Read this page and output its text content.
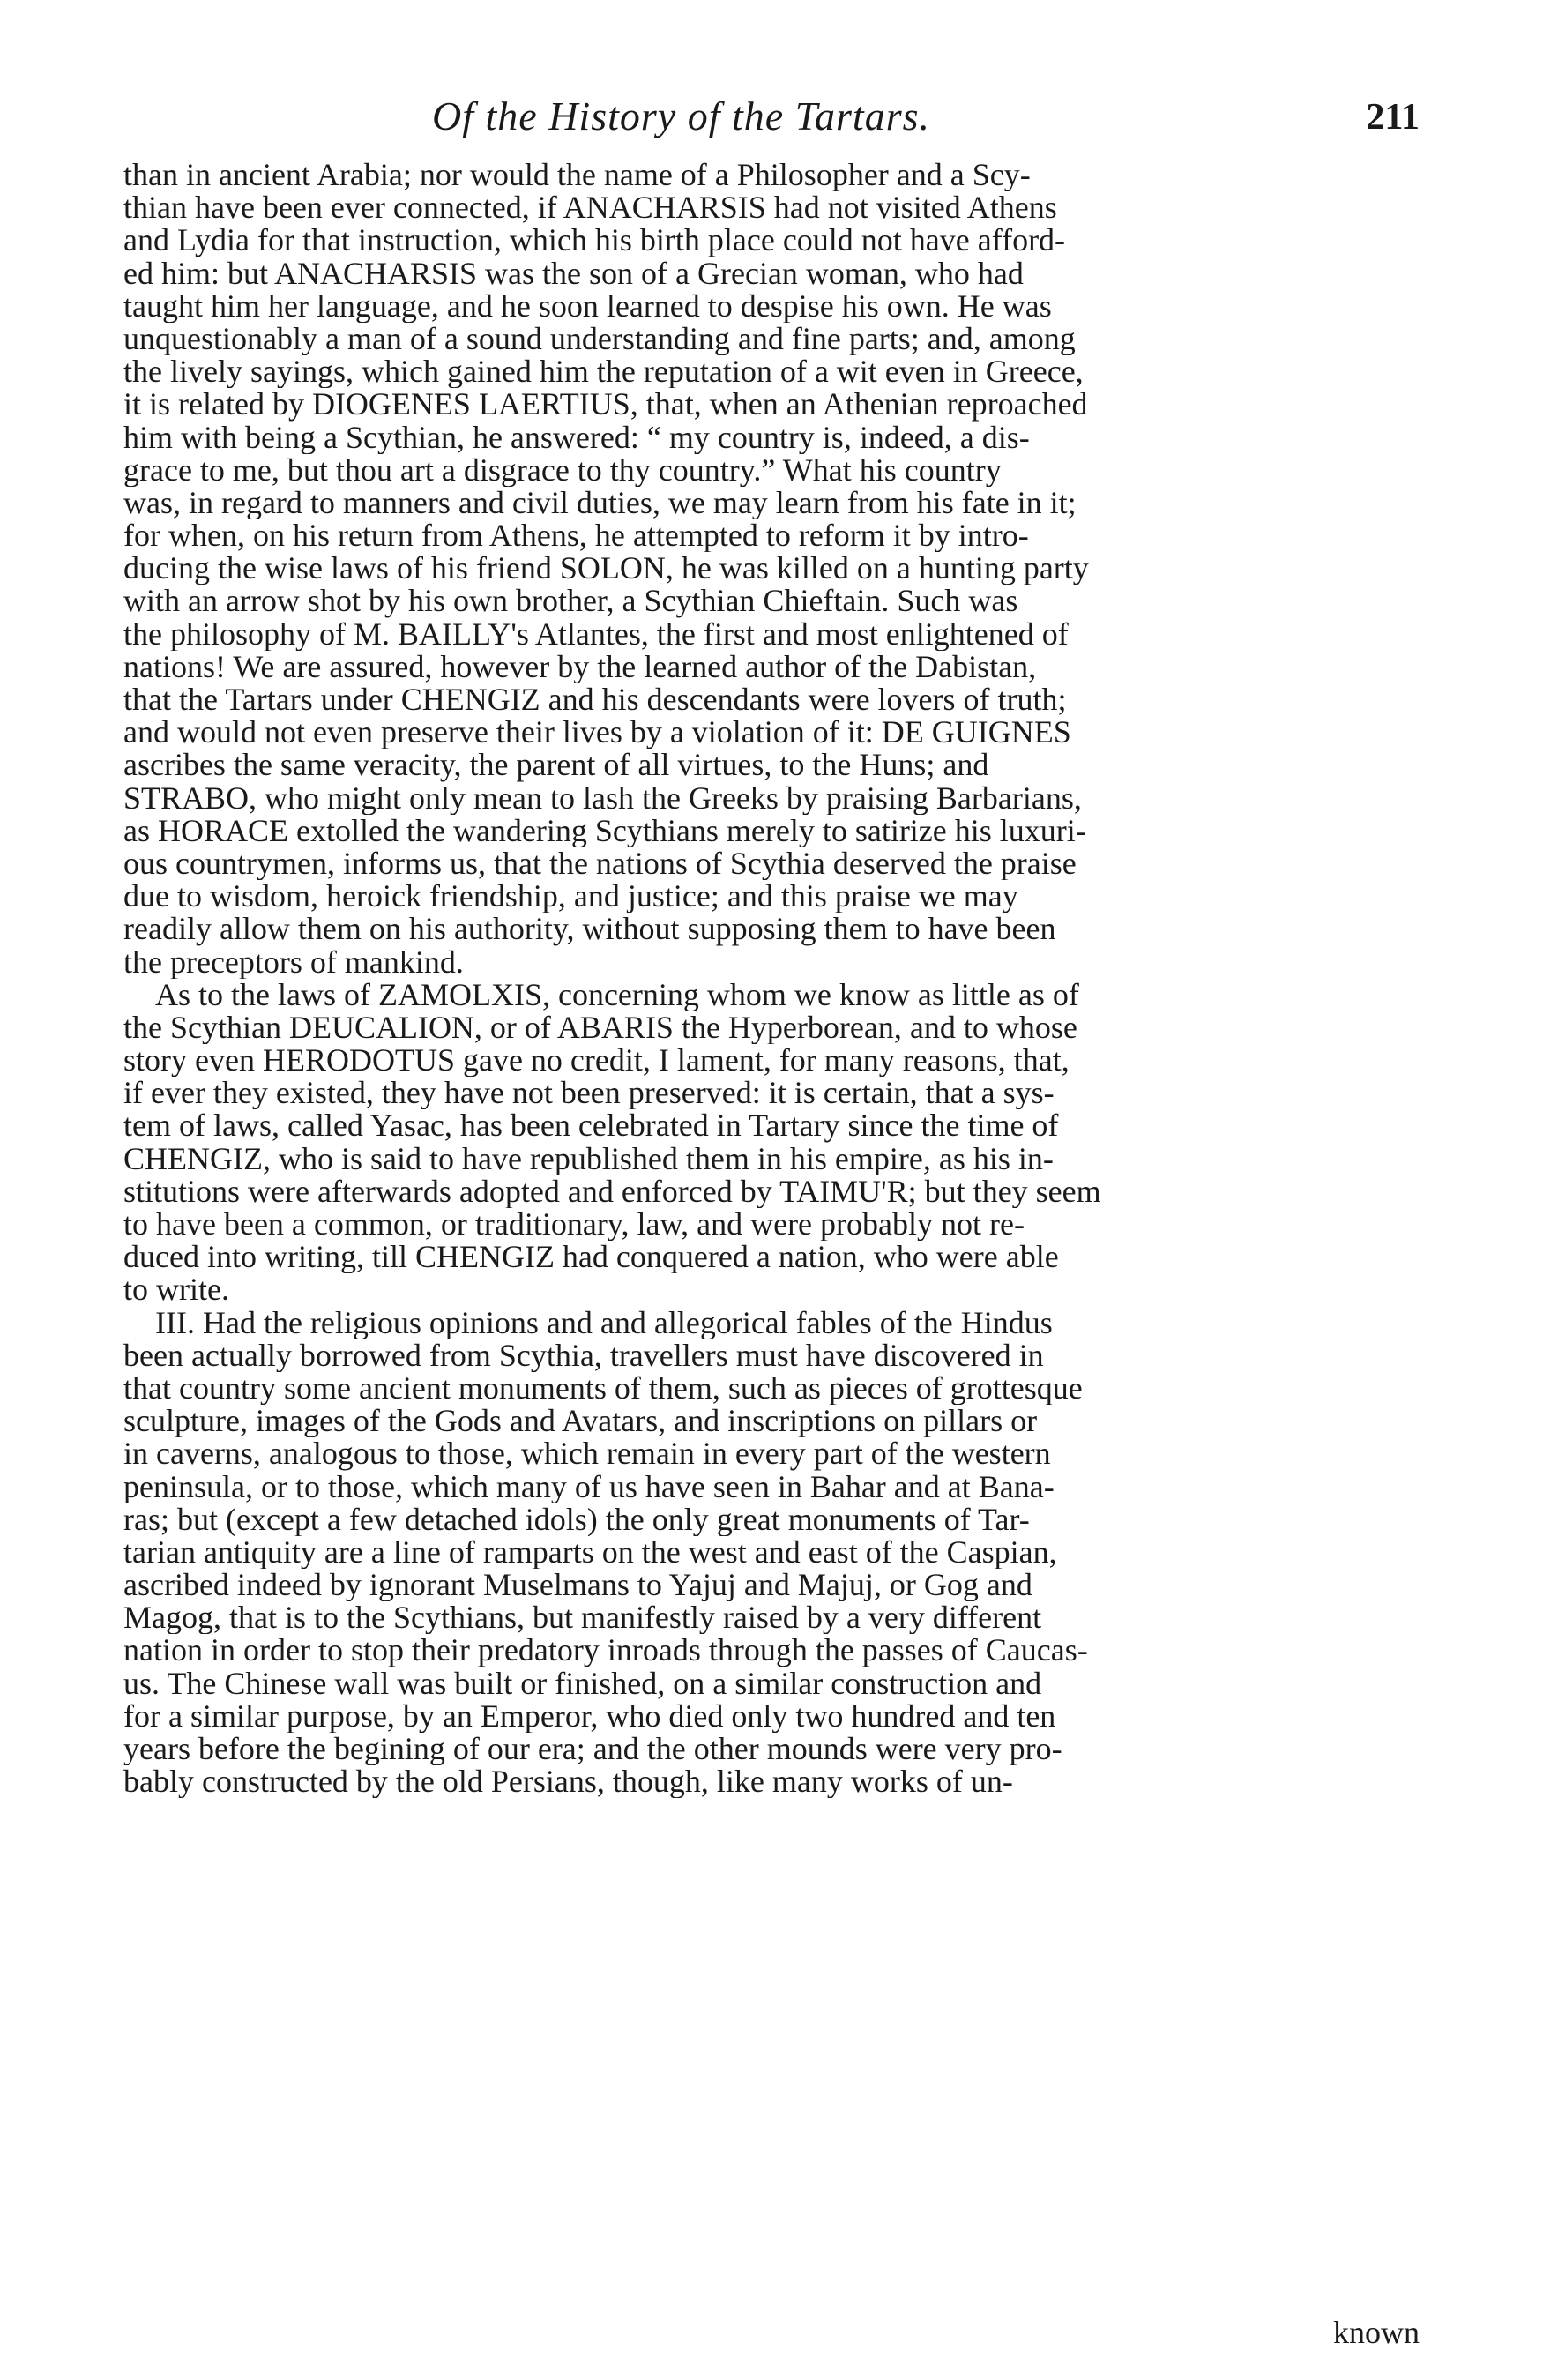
Of the History of the Tartars.	211
than in ancient Arabia; nor would the name of a Philosopher and a Scy-
thian have been ever connected, if ANACHARSIS had not visited Athens
and Lydia for that instruction, which his birth place could not have afford-
ed him: but ANACHARSIS was the son of a Grecian woman, who had
taught him her language, and he soon learned to despise his own. He was
unquestionably a man of a sound understanding and fine parts; and, among
the lively sayings, which gained him the reputation of a wit even in Greece,
it is related by DIOGENES LAERTIUS, that, when an Athenian reproached
him with being a Scythian, he answered: “ my country is, indeed, a dis-
grace to me, but thou art a disgrace to thy country.” What his country
was, in regard to manners and civil duties, we may learn from his fate in it;
for when, on his return from Athens, he attempted to reform it by intro-
ducing the wise laws of his friend SOLON, he was killed on a hunting party
with an arrow shot by his own brother, a Scythian Chieftain. Such was
the philosophy of M. BAILLY's Atlantes, the first and most enlightened of
nations! We are assured, however by the learned author of the Dabistan,
that the Tartars under CHENGIZ and his descendants were lovers of truth;
and would not even preserve their lives by a violation of it: DE GUIGNES
ascribes the same veracity, the parent of all virtues, to the Huns; and
STRABO, who might only mean to lash the Greeks by praising Barbarians,
as HORACE extolled the wandering Scythians merely to satirize his luxuri-
ous countrymen, informs us, that the nations of Scythia deserved the praise
due to wisdom, heroick friendship, and justice; and this praise we may
readily allow them on his authority, without supposing them to have been
the preceptors of mankind.
As to the laws of ZAMOLXIS, concerning whom we know as little as of
the Scythian DEUCALION, or of ABARIS the Hyperborean, and to whose
story even HERODOTUS gave no credit, I lament, for many reasons, that,
if ever they existed, they have not been preserved: it is certain, that a sys-
tem of laws, called Yasac, has been celebrated in Tartary since the time of
CHENGIZ, who is said to have republished them in his empire, as his in-
stitutions were afterwards adopted and enforced by TAIMU'R; but they seem
to have been a common, or traditionary, law, and were probably not re-
duced into writing, till CHENGIZ had conquered a nation, who were able
to write.
III. Had the religious opinions and and allegorical fables of the Hindus
been actually borrowed from Scythia, travellers must have discovered in
that country some ancient monuments of them, such as pieces of grottesque
sculpture, images of the Gods and Avatars, and inscriptions on pillars or
in caverns, analogous to those, which remain in every part of the western
peninsula, or to those, which many of us have seen in Bahar and at Bana-
ras; but (except a few detached idols) the only great monuments of Tar-
tarian antiquity are a line of ramparts on the west and east of the Caspian,
ascribed indeed by ignorant Muselmans to Yajuj and Majuj, or Gog and
Magog, that is to the Scythians, but manifestly raised by a very different
nation in order to stop their predatory inroads through the passes of Caucas-
us. The Chinese wall was built or finished, on a similar construction and
for a similar purpose, by an Emperor, who died only two hundred and ten
years before the begining of our era; and the other mounds were very pro-
bably constructed by the old Persians, though, like many works of un-
known
